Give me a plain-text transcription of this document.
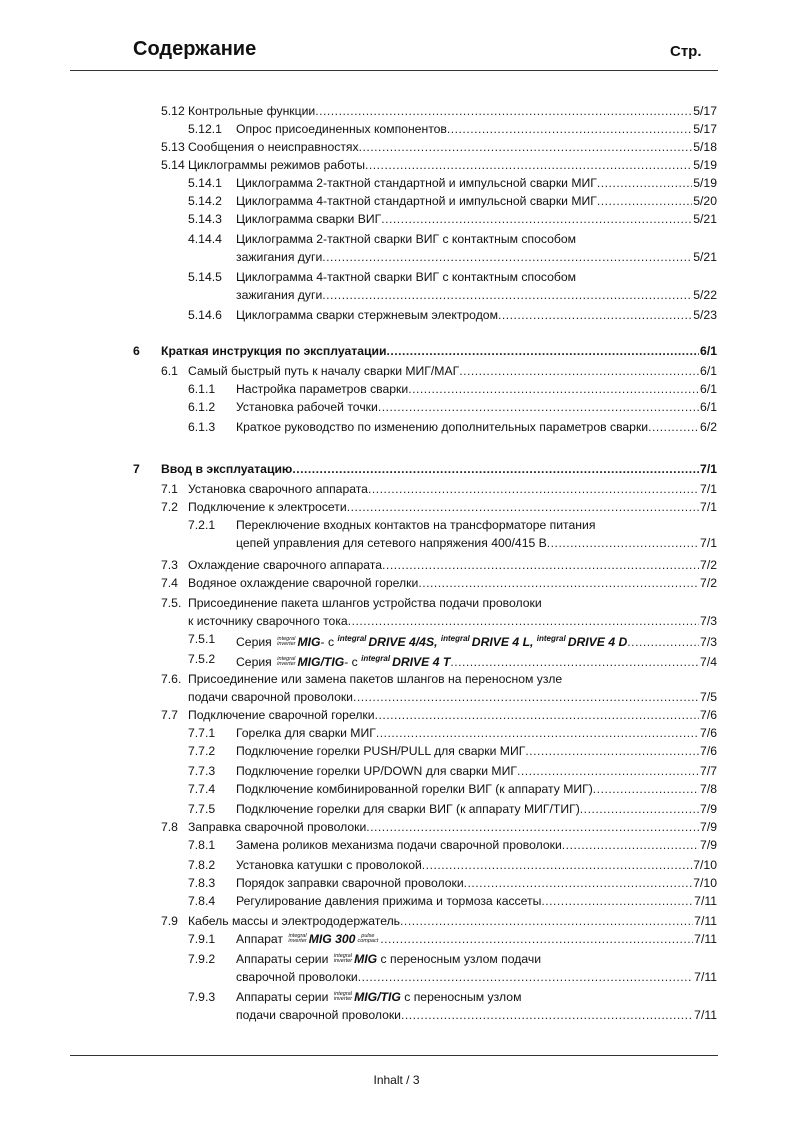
Содержание	Стр.
5.12 Контрольные функции .....	5/17
5.12.1 Опрос присоединенных компонентов .....	5/17
5.13 Сообщения о неисправностях .....	5/18
5.14 Циклограммы режимов работы .....	5/19
5.14.1 Циклограмма 2-тактной стандартной и импульсной сварки МИГ .....	5/19
5.14.2 Циклограмма 4-тактной стандартной и импульсной сварки МИГ .....	5/20
5.14.3 Циклограмма сварки ВИГ .....	5/21
4.14.4 Циклограмма 2-тактной сварки ВИГ с контактным способом
зажигания дуги .....	5/21
5.14.5 Циклограмма 4-тактной сварки ВИГ с контактным способом
зажигания дуги .....	5/22
5.14.6 Циклограмма сварки стержневым электродом .....	5/23
6 Краткая инструкция по эксплуатации .....	6/1
6.1 Самый быстрый путь к началу сварки МИГ/МАГ .....	6/1
6.1.1 Настройка параметров сварки .....	6/1
6.1.2 Установка рабочей точки .....	6/1
6.1.3 Краткое руководство по изменению дополнительных параметров сварки .....	6/2
7 Ввод в эксплуатацию .....	7/1
7.1 Установка сварочного аппарата .....	7/1
7.2 Подключение к электросети .....	7/1
7.2.1 Переключение входных контактов на трансформаторе питания
цепей управления для сетевого напряжения 400/415 В .....	7/1
7.3 Охлаждение сварочного аппарата .....	7/2
7.4 Водяное охлаждение сварочной горелки .....	7/2
7.5. Присоединение пакета шлангов устройства подачи проволоки
к источнику сварочного тока .....	7/3
7.5.1 Серия integral
inverter MIG- с $^{integral}$ DRIVE 4/4S, $^{integral}$ DRIVE 4 L, $^{integral}$ DRIVE 4 D .....	7/3
7.5.2 Серия integral
inverter MIG/TIG- с $^{integral}$ DRIVE 4 T .....	7/4
7.6. Присоединение или замена пакетов шлангов на переносном узле
подачи сварочной проволоки .....	7/5
7.7 Подключение сварочной горелки .....	7/6
7.7.1 Горелка для сварки МИГ .....	7/6
7.7.2 Подключение горелки PUSH/PULL для сварки МИГ .....	7/6
7.7.3 Подключение горелки UP/DOWN для сварки МИГ .....	7/7
7.7.4 Подключение комбинированной горелки ВИГ (к аппарату МИГ) .....	7/8
7.7.5 Подключение горелки для сварки ВИГ (к аппарату МИГ/ТИГ) .....	7/9
7.8 Заправка сварочной проволоки .....	7/9
7.8.1 Замена роликов механизма подачи сварочной проволоки .....	7/9
7.8.2 Установка катушки с проволокой .....	7/10
7.8.3 Порядок заправки сварочной проволоки .....	7/10
7.8.4 Регулирование давления прижима и тормоза кассеты .....	7/11
7.9 Кабель массы и электрододержатель .....	7/11
7.9.1 Аппарат integral
inverter MIG 300 pulse
compact .....	7/11
7.9.2 Аппараты серии integral
inverter MIG с переносным узлом подачи
сварочной проволоки .....	7/11
7.9.3 Аппараты серии integral
inverter MIG/TIG с переносным узлом
подачи сварочной проволоки .....	7/11
Inhalt / 3
